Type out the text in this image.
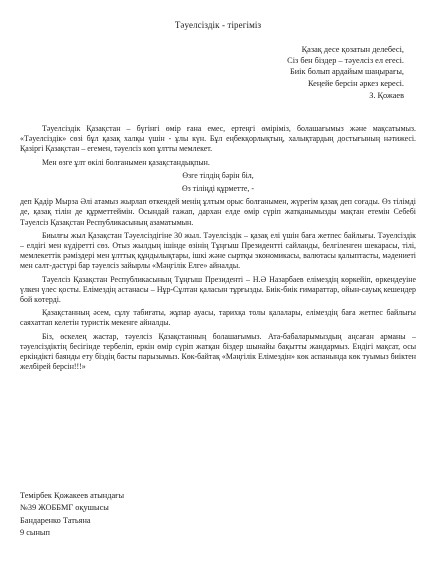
Тәуелсіздік - тірегіміз
Қазақ десе қозатын делебесі,
Сіз бен біздер – тәуелсіз ел егесі.
Биік болып ардайым шаңырағы,
Кеңейе берсін әркез кересі.
З. Қожаев

Тәуелсіздік Қазақстан – бүгінгі өмір ғана емес, ертеңгі өміріміз, болашағымыз және мақсатымыз. «Тәуелсіздік» сөзі бұл қазақ халқы үшін - ұлы күн. Бұл еңбекқорлықтың, халықтардың достығының нәтижесі. Қазіргі Қазақстан – егемен, тәуелсіз көп ұлтты мемлекет.

Мен өзге ұлт өкілі болғанымен қазақстандықпын.

Өзге тілдің бәрін біл,

Өз тіліңді құрметте, -

деп Қадір Мырза Әлі атамыз жырлап өткендей менің ұлтым орыс болғанымен, жүрегім қазақ деп соғады. Өз тілімді де, қазақ тілін де құрметтеймін. Осындай ғажап, дархан елде өмір сүріп жатқанымызды мақтан етемін Себебі Тәуелсіз Қазақстан Республикасының азаматымын.

Биылғы жыл Қазақстан Тәуелсіздігіне 30 жыл. Тәуелсіздік – қазақ елі үшін баға жетпес байлығы. Тәуелсіздік – елдігі мен күдіретті сөз. Отыз жылдың ішінде өзінің Тұңғыш Президентті сайланды, белгіленген шекарасы, тілі, мемлекеттік рәміздері мен ұлттық құндылықтары, ішкі және сыртқы экономикасы, валютасы қалыптасты, мәдениеті мен салт-дәстүрі бар тәуелсіз зайырлы «Мәңгілік Елге» айналды.

Тәуелсіз Қазақстан Республикасының Тұңғыш Президенті – Н.Ә Назарбаев елімездің көркейіп, өркендеуіне үлкен үлес қосты. Елімездің астанасы – Нұр-Сұлтан қаласын тұрғызды. Биік-биік ғимараттар, ойын-сауық кешендер бой көтерді.

Қазақстанның әсем, сұлу табиғаты, жұпар ауасы, тарихқа толы қалалары, елімездің баға жетпес байлығы саяхаттап келетін туристік мекенге айналды.

Біз, өскелең жастар, тәуелсіз Қазақстанның болашағымыз. Ата-бабаларымыздың аңсаған арманы – тәуелсіздіктің бесігінде тербеліп, еркін өмір сүріп жатқан біздер шынайы бақытты жандармыз. Ендігі мақсат, осы еркіндікті баянды ету біздің басты парызымыз. Көк-байтақ «Мәңгілік Елімездін» көк аспанында көк туымыз биіктен желбірей берсін!!!»

Темірбек Қожакеев атындағы
№39 ЖОББМГ оқушысы
Бандаренко Татьяна
9 сынып
